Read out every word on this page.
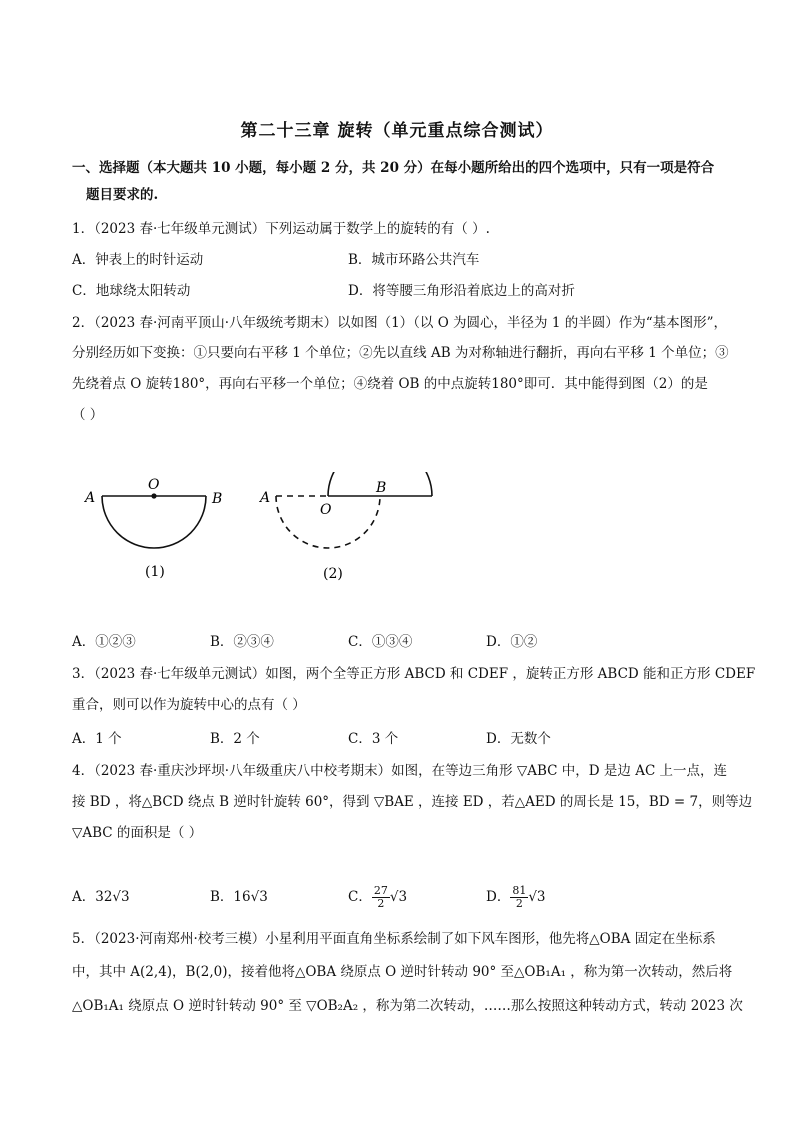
第二十三章 旋转（单元重点综合测试）
一、选择题（本大题共 10 小题，每小题 2 分，共 20 分）在每小题所给出的四个选项中，只有一项是符合
题目要求的.
1．（2023 春·七年级单元测试）下列运动属于数学上的旋转的有（ ）.
A．钟表上的时针运动	B．城市环路公共汽车
C．地球绕太阳转动	D．将等腰三角形沿着底边上的高对折
2．（2023 春·河南平顶山·八年级统考期末）以如图（1）（以 O 为圆心，半径为 1 的半圆）作为“基本图形”，
分别经历如下变换：①只要向右平移 1 个单位；②先以直线 AB 为对称轴进行翻折，再向右平移 1 个单位；③
先绕着点 O 旋转180°，再向右平移一个单位；④绕着 OB 的中点旋转180°即可．其中能得到图（2）的是
（ ）
A
O
B
(1)
A
O
B
(2)
A．①②③	B．②③④	C．①③④	D．①②
3．（2023 春·七年级单元测试）如图，两个全等正方形 ABCD 和 CDEF ，旋转正方形 ABCD 能和正方形 CDEF
重合，则可以作为旋转中心的点有（ ）
A．1 个	B．2 个	C．3 个	D．无数个
4．（2023 春·重庆沙坪坝·八年级重庆八中校考期末）如图，在等边三角形 ▽ABC 中，D 是边 AC 上一点，连
接 BD ，将△BCD 绕点 B 逆时针旋转 60°，得到 ▽BAE ，连接 ED ，若△AED 的周长是 15，BD = 7，则等边
▽ABC 的面积是（ ）
A．32√3	B．16√3	C． $\frac{27}{2} √3$	D． $\frac{81}{2} √3$
5．（2023·河南郑州·校考三模）小星利用平面直角坐标系绘制了如下风车图形，他先将△OBA 固定在坐标系
中，其中 A(2,4)，B(2,0)，接着他将△OBA 绕原点 O 逆时针转动 90° 至△OB₁A₁ ，称为第一次转动，然后将
△OB₁A₁ 绕原点 O 逆时针转动 90° 至 ▽OB₂A₂ ，称为第二次转动，……那么按照这种转动方式，转动 2023 次
